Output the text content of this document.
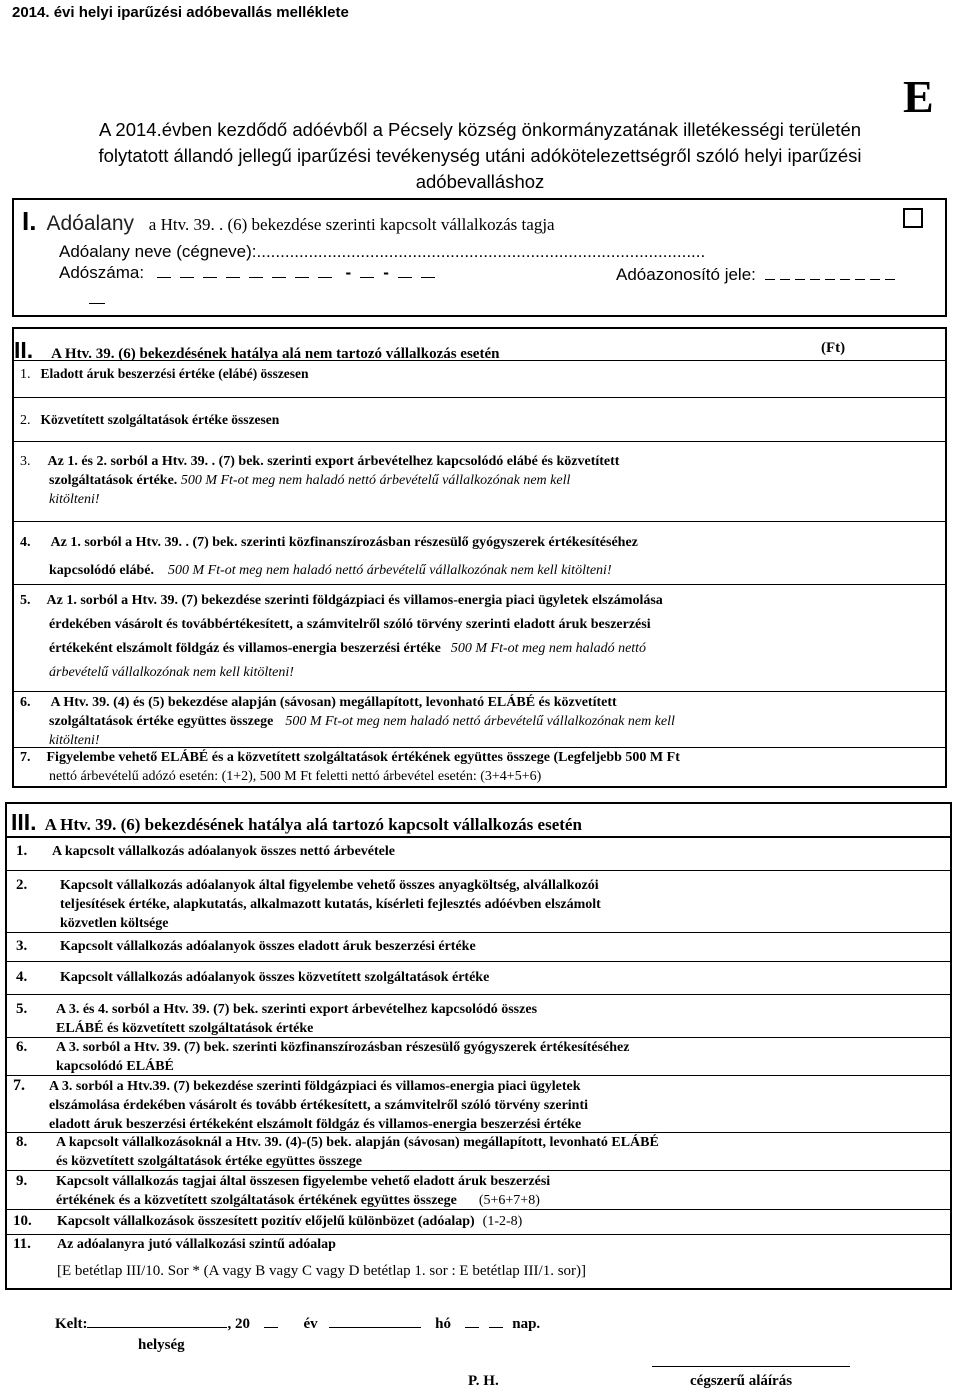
2014. évi helyi iparűzési adóbevallás melléklete
E
A 2014.évben kezdődő adóévből a Pécsely község önkormányzatának illetékességi területén
folytatott állandó jellegű iparűzési tevékenység utáni adókötelezettségről szóló helyi iparűzési
adóbevalláshoz
I. Adóalany a Htv. 39. . (6) bekezdése szerinti kapcsolt vállalkozás tagja
Adóalany neve (cégneve):...............................................................................................
Adószáma:	- -	Adóazonosító jele:
II. A Htv. 39. (6) bekezdésének hatálya alá nem tartozó vállalkozás esetén	(Ft)
1. Eladott áruk beszerzési értéke (elábé) összesen
2. Közvetített szolgáltatások értéke összesen
3. Az 1. és 2. sorból a Htv. 39. . (7) bek. szerinti export árbevételhez kapcsolódó elábé és közvetített
szolgáltatások értéke. 500 M Ft-ot meg nem haladó nettó árbevételű vállalkozónak nem kell
kitölteni!
4. Az 1. sorból a Htv. 39. . (7) bek. szerinti közfinanszírozásban részesülő gyógyszerek értékesítéséhez
kapcsolódó elábé. 500 M Ft-ot meg nem haladó nettó árbevételű vállalkozónak nem kell kitölteni!
5. Az 1. sorból a Htv. 39. (7) bekezdése szerinti földgázpiaci és villamos-energia piaci ügyletek elszámolása
érdekében vásárolt és továbbértékesített, a számvitelről szóló törvény szerinti eladott áruk beszerzési
értékeként elszámolt földgáz és villamos-energia beszerzési értéke 500 M Ft-ot meg nem haladó nettó
árbevételű vállalkozónak nem kell kitölteni!
6. A Htv. 39. (4) és (5) bekezdése alapján (sávosan) megállapított, levonható ELÁBÉ és közvetített
szolgáltatások értéke együttes összege 500 M Ft-ot meg nem haladó nettó árbevételű vállalkozónak nem kell
kitölteni!
7. Figyelembe vehető ELÁBÉ és a közvetített szolgáltatások értékének együttes összege (Legfeljebb 500 M Ft
nettó árbevételű adózó esetén: (1+2), 500 M Ft feletti nettó árbevétel esetén: (3+4+5+6)
III. A Htv. 39. (6) bekezdésének hatálya alá tartozó kapcsolt vállalkozás esetén
1. A kapcsolt vállalkozás adóalanyok összes nettó árbevétele
2. Kapcsolt vállalkozás adóalanyok által figyelembe vehető összes anyagköltség, alvállalkozói
teljesítések értéke, alapkutatás, alkalmazott kutatás, kísérleti fejlesztés adóévben elszámolt
közvetlen költsége
3. Kapcsolt vállalkozás adóalanyok összes eladott áruk beszerzési értéke
4. Kapcsolt vállalkozás adóalanyok összes közvetített szolgáltatások értéke
5. A 3. és 4. sorból a Htv. 39. (7) bek. szerinti export árbevételhez kapcsolódó összes
ELÁBÉ és közvetített szolgáltatások értéke
6. A 3. sorból a Htv. 39. (7) bek. szerinti közfinanszírozásban részesülő gyógyszerek értékesítéséhez
kapcsolódó ELÁBÉ
7. A 3. sorból a Htv.39. (7) bekezdése szerinti földgázpiaci és villamos-energia piaci ügyletek
elszámolása érdekében vásárolt és tovább értékesített, a számvitelről szóló törvény szerinti
eladott áruk beszerzési értékeként elszámolt földgáz és villamos-energia beszerzési értéke
8. A kapcsolt vállalkozásoknál a Htv. 39. (4)-(5) bek. alapján (sávosan) megállapított, levonható ELÁBÉ
és közvetített szolgáltatások értéke együttes összege
9. Kapcsolt vállalkozás tagjai által összesen figyelembe vehető eladott áruk beszerzési
értékének és a közvetített szolgáltatások értékének együttes összege (5+6+7+8)
10. Kapcsolt vállalkozások összesített pozitív előjelű különbözet (adóalap) (1-2-8)
11. Az adóalanyra jutó vállalkozási szintű adóalap
[E betétlap III/10. Sor * (A vagy B vagy C vagy D betétlap 1. sor : E betétlap III/1. sor)]
Kelt:	, 20	év	hó	nap.
helység
P. H.	cégszerű aláírás
